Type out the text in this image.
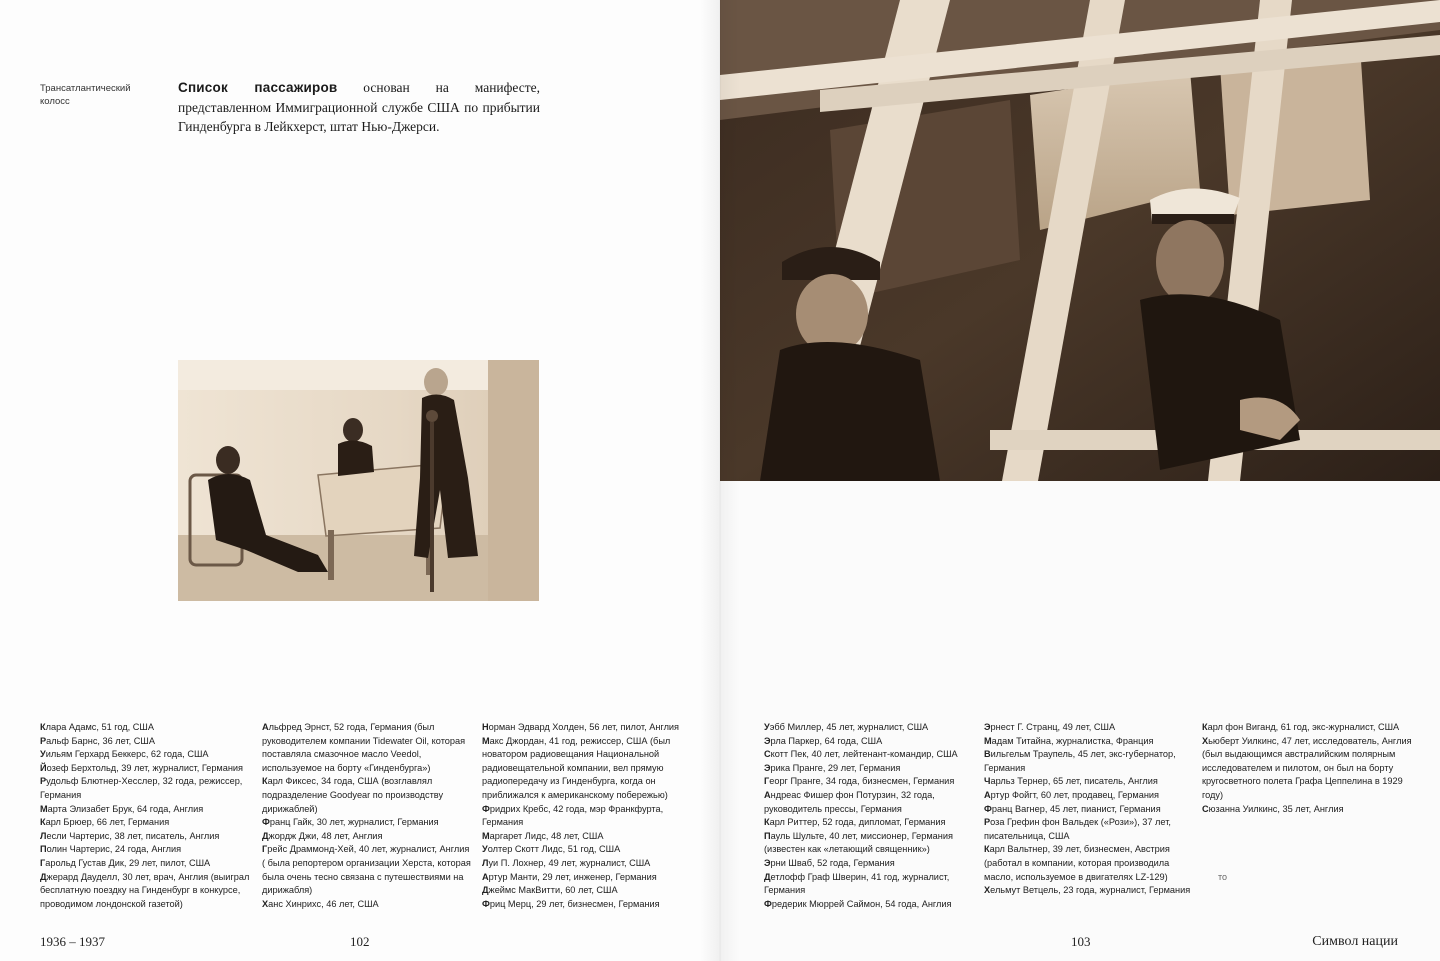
Трансатлантический колосс
Список пассажиров основан на манифесте, представленном Иммиграционной службе США по прибытии Гинденбурга в Лейкхерст, штат Нью-Джерси.
Клара Адамс, 51 год, США
Ральф Барнс, 36 лет, США
Уильям Герхард Беккерс, 62 года, США
Йозеф Берхтольд, 39 лет, журналист, Германия
Рудольф Блютнер-Хесслер, 32 года, режиссер, Германия
Марта Элизабет Брук, 64 года, Англия
Карл Брюер, 66 лет, Германия
Лесли Чартерис, 38 лет, писатель, Англия
Полин Чартерис, 24 года, Англия
Гарольд Густав Дик, 29 лет, пилот, США
Джерард Дауделл, 30 лет, врач, Англия (выиграл бесплатную поездку на Гинденбург в конкурсе, проводимом лондонской газетой)
Альфред Эрнст, 52 года, Германия (был руководителем компании Tidewater Oil, которая поставляла смазочное масло Veedol, используемое на борту «Гинденбурга»)
Карл Фиксес, 34 года, США (возглавлял подразделение Goodyear по производству дирижаблей)
Франц Гайк, 30 лет, журналист, Германия
Джордж Джи, 48 лет, Англия
Грейс Драммонд-Хей, 40 лет, журналист, Англия ( была репортером организации Херста, которая была очень тесно связана с путешествиями на дирижабля)
Ханс Хинрихс, 46 лет, США
Норман Эдвард Холден, 56 лет, пилот, Англия
Макс Джордан, 41 год, режиссер, США (был новатором радиовещания Национальной радиовещательной компании, вел прямую радиопередачу из Гинденбурга, когда он приближался к американскому побережью)
Фридрих Кребс, 42 года, мэр Франкфурта, Германия
Маргарет Лидс, 48 лет, США
Уолтер Скотт Лидс, 51 год, США
Луи П. Лохнер, 49 лет, журналист, США
Артур Манти, 29 лет, инженер, Германия
Джеймс МакВитти, 60 лет, США
Фриц Мерц, 29 лет, бизнесмен, Германия
1936 – 1937	102
Уэбб Миллер, 45 лет, журналист, США
Эрла Паркер, 64 года, США
Скотт Пек, 40 лет, лейтенант-командир, США
Эрика Пранге, 29 лет, Германия
Георг Пранге, 34 года, бизнесмен, Германия
Андреас Фишер фон Потурзин, 32 года, руководитель прессы, Германия
Карл Риттер, 52 года, дипломат, Германия
Пауль Шульте, 40 лет, миссионер, Германия (известен как «летающий священник»)
Эрни Шваб, 52 года, Германия
Детлофф Граф Шверин, 41 год, журналист, Германия
Фредерик Мюррей Саймон, 54 года, Англия
Эрнест Г. Странц, 49 лет, США
Мадам Титайна, журналистка, Франция
Вильгельм Траупель, 45 лет, экс-губернатор, Германия
Чарльз Тернер, 65 лет, писатель, Англия
Артур Фойгт, 60 лет, продавец, Германия
Франц Вагнер, 45 лет, пианист, Германия
Роза Грефин фон Вальдек («Рози»), 37 лет, писательница, США
Карл Вальтнер, 39 лет, бизнесмен, Австрия (работал в компании, которая производила масло, используемое в двигателях LZ-129)
Хельмут Ветцель, 23 года, журналист, Германия
Карл фон Виганд, 61 год, экс-журналист, США
Хьюберт Уилкинс, 47 лет, исследователь, Англия (был выдающимся австралийским полярным исследователем и пилотом, он был на борту кругосветного полета Графа Цеппелина в 1929 году)
Сюзанна Уилкинс, 35 лет, Англия
то
103	Символ нации
